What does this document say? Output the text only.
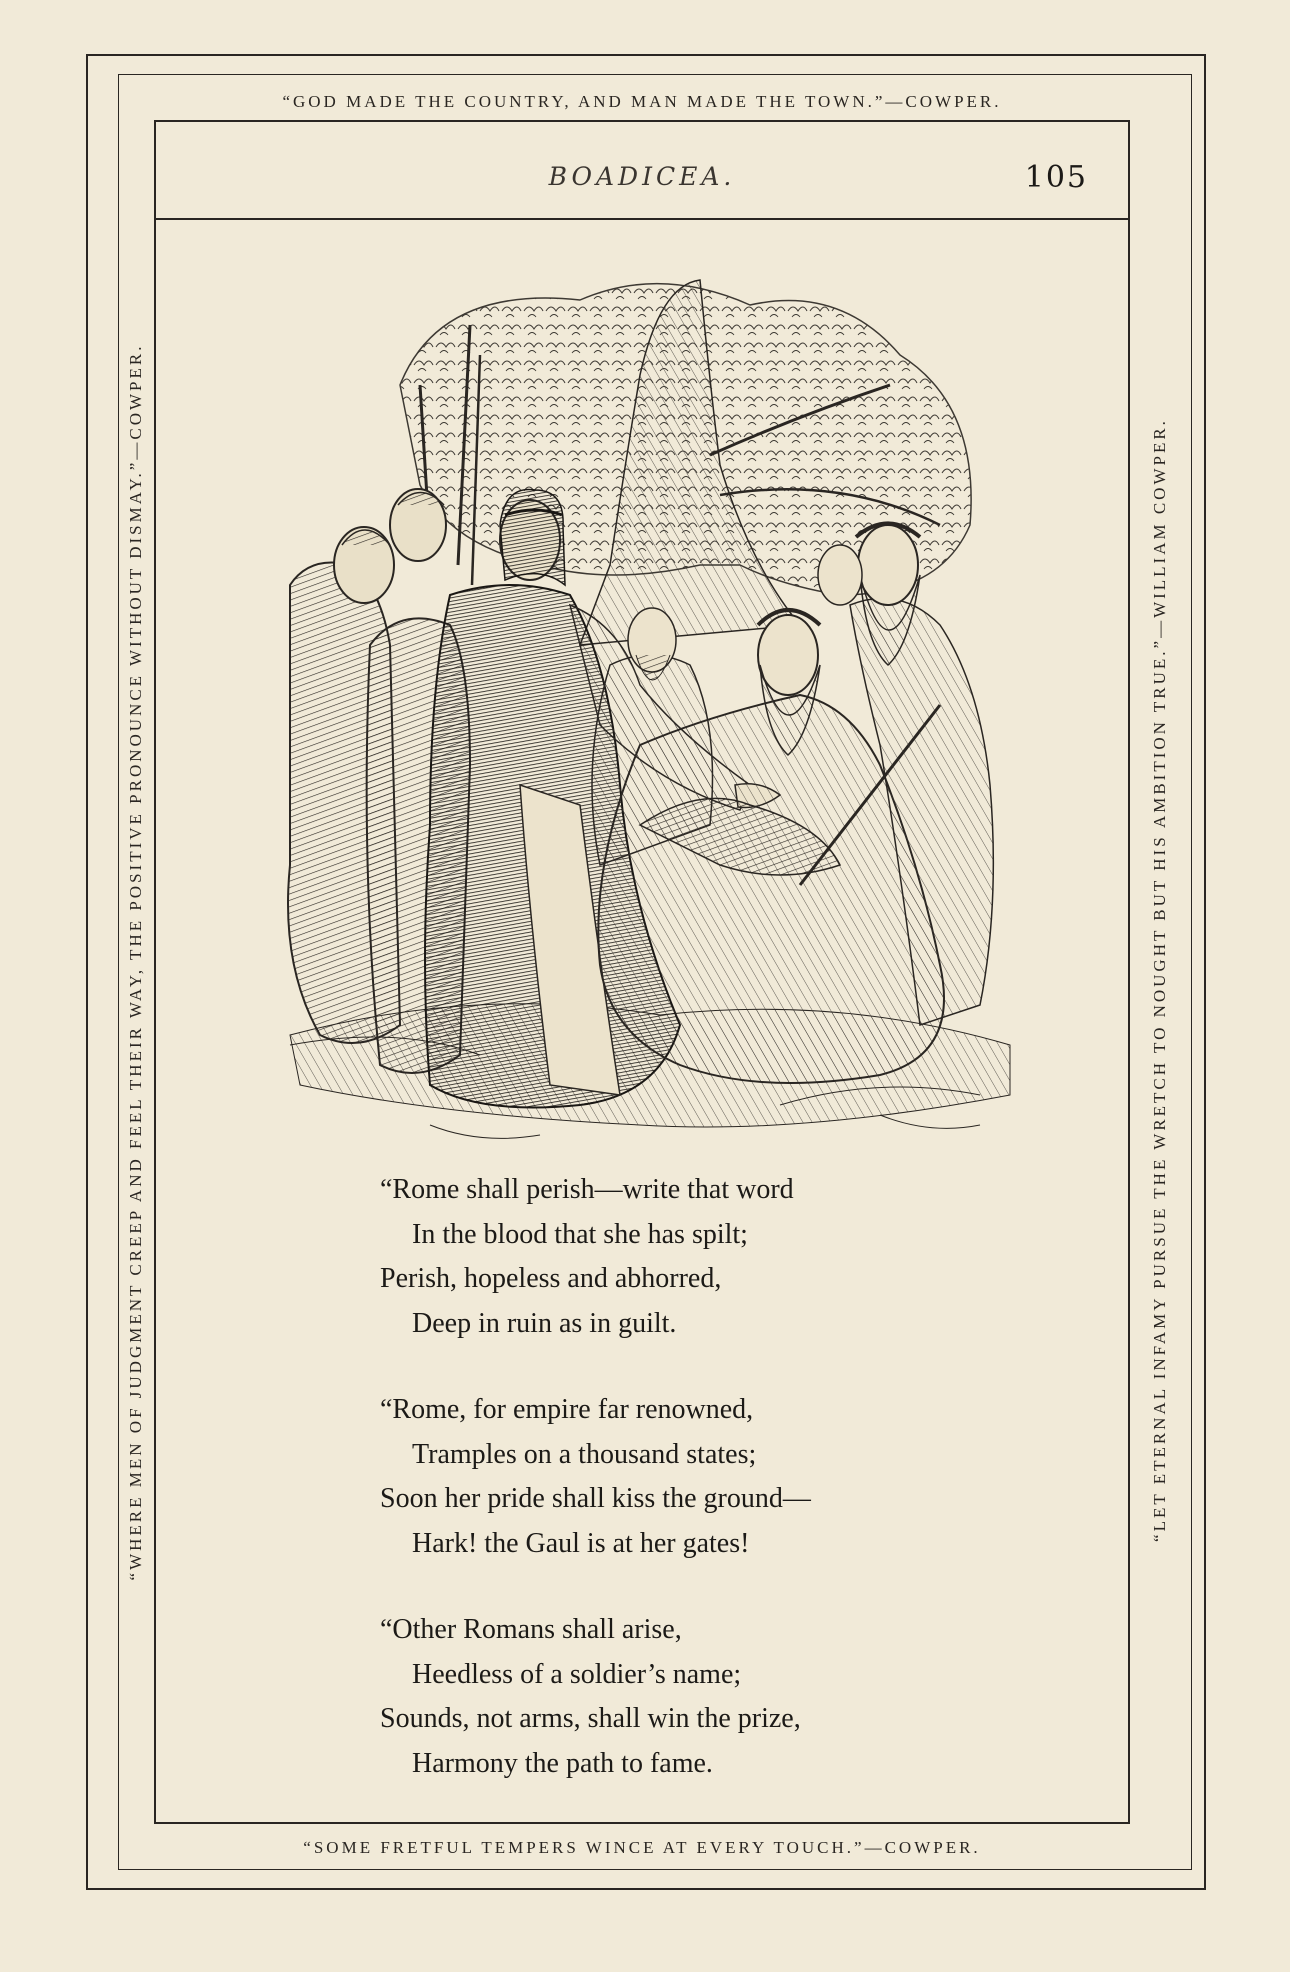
“GOD MADE THE COUNTRY, AND MAN MADE THE TOWN.”—COWPER.
“SOME FRETFUL TEMPERS WINCE AT EVERY TOUCH.”—COWPER.
“WHERE MEN OF JUDGMENT CREEP AND FEEL THEIR WAY, THE POSITIVE PRONOUNCE WITHOUT DISMAY.”—COWPER.	“LET ETERNAL INFAMY PURSUE THE WRETCH TO NOUGHT BUT HIS AMBITION TRUE.”—WILLIAM COWPER.
BOADICEA.	105
“Rome shall perish—write that word
In the blood that she has spilt;
Perish, hopeless and abhorred,
Deep in ruin as in guilt.
“Rome, for empire far renowned,
Tramples on a thousand states;
Soon her pride shall kiss the ground—
Hark! the Gaul is at her gates!
“Other Romans shall arise,
Heedless of a soldier’s name;
Sounds, not arms, shall win the prize,
Harmony the path to fame.
